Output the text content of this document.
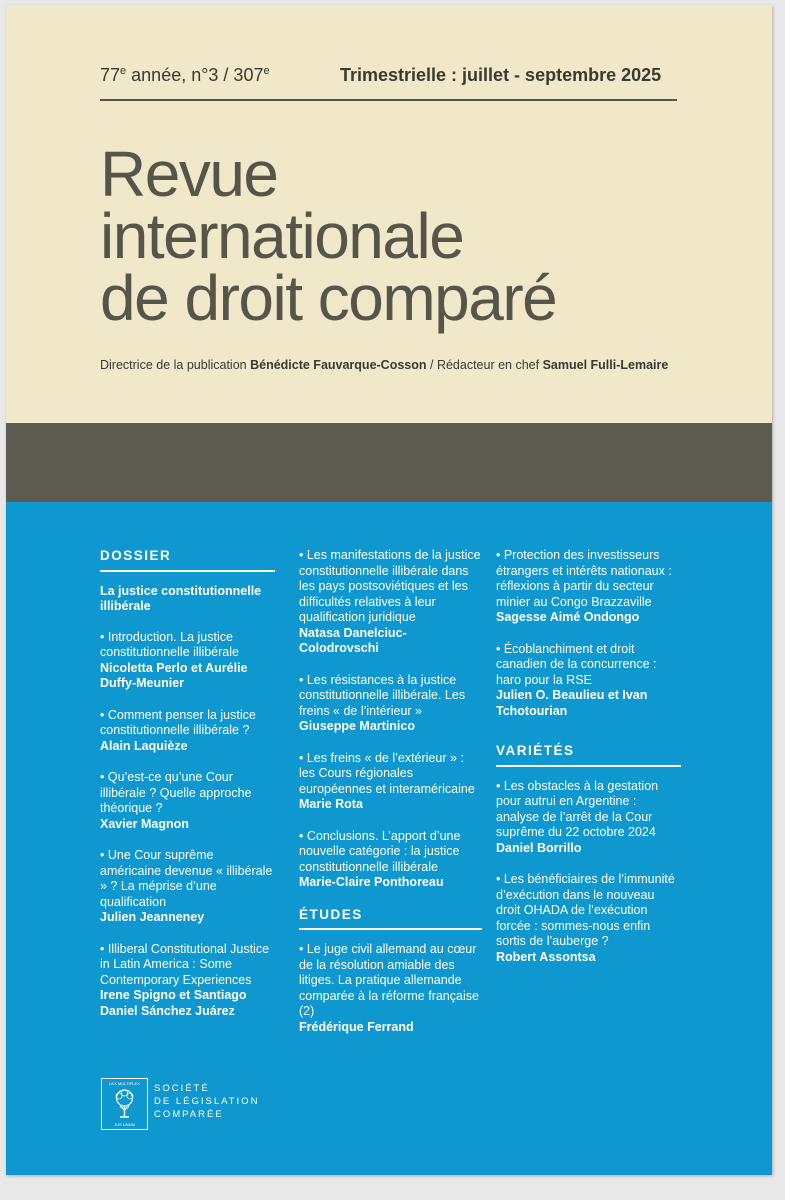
77e année, n°3 / 307e	Trimestrielle : juillet - septembre 2025
Revue
internationale
de droit comparé
Directrice de la publication Bénédicte Fauvarque-Cosson / Rédacteur en chef Samuel Fulli-Lemaire
DOSSIER
La justice constitutionnelle illibérale
• Introduction. La justice constitutionnelle illibérale
Nicoletta Perlo et Aurélie Duffy-Meunier
• Comment penser la justice constitutionnelle illibérale ?
Alain Laquièze
• Qu’est-ce qu’une Cour illibérale ? Quelle approche théorique ?
Xavier Magnon
• Une Cour suprême américaine devenue « illibérale » ? La méprise d’une qualification
Julien Jeanneney
• Illiberal Constitutional Justice in Latin America : Some Contemporary Experiences
Irene Spigno et Santiago Daniel Sánchez Juárez
• Les manifestations de la justice constitutionnelle illibérale dans les pays postsoviétiques et les difficultés relatives à leur qualification juridique
Natasa Danelciuc-Colodrovschi
• Les résistances à la justice constitutionnelle illibérale. Les freins « de l’intérieur »
Giuseppe Martinico
• Les freins « de l’extérieur » : les Cours régionales européennes et interaméricaine
Marie Rota
• Conclusions. L’apport d’une nouvelle catégorie : la justice constitutionnelle illibérale
Marie-Claire Ponthoreau
ÉTUDES
• Le juge civil allemand au cœur de la résolution amiable des litiges. La pratique allemande comparée à la réforme française (2)
Frédérique Ferrand
• Protection des investisseurs étrangers et intérêts nationaux : réflexions à partir du secteur minier au Congo Brazzaville
Sagesse Aimé Ondongo
• Écoblanchiment et droit canadien de la concurrence : haro pour la RSE
Julien O. Beaulieu et Ivan Tchotourian
VARIÉTÉS
• Les obstacles à la gestation pour autrui en Argentine : analyse de l’arrêt de la Cour suprême du 22 octobre 2024
Daniel Borrillo
• Les bénéficiaires de l’immunité d’exécution dans le nouveau droit OHADA de l’exécution forcée : sommes-nous enfin sortis de l’auberge ?
Robert Assontsa
LEX MULTIPLEX
JUS UNUM
SOCIÉTÉ
DE LÉGISLATION
COMPARÉE
